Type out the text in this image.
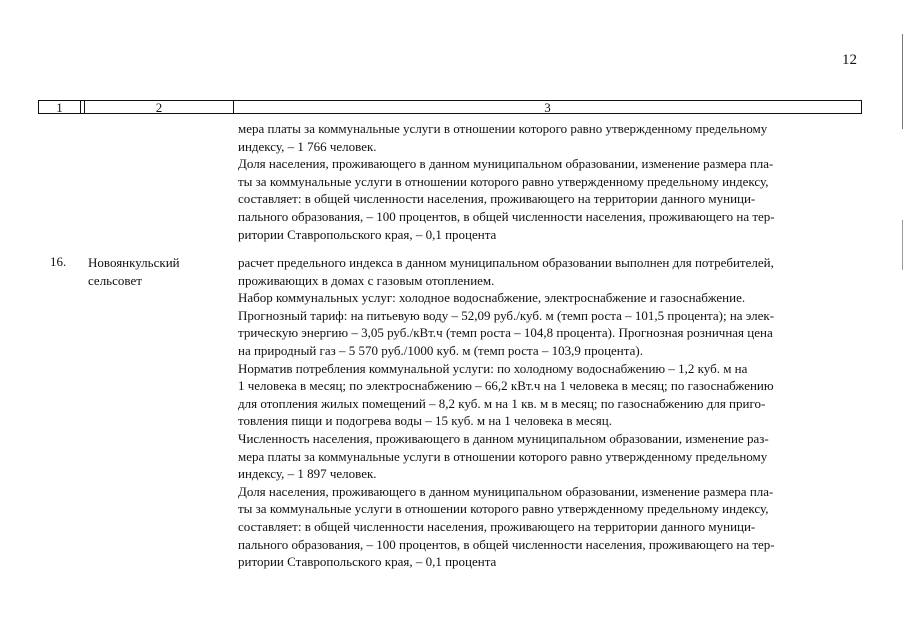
12
1	2	3
мера платы за коммунальные услуги в отношении которого равно утвержденному предельному
индексу, – 1 766 человек.
Доля населения, проживающего в данном муниципальном образовании, изменение размера пла-
ты за коммунальные услуги в отношении которого равно утвержденному предельному индексу,
составляет: в общей численности населения, проживающего на территории данного муници-
пального образования, – 100 процентов, в общей численности населения, проживающего на тер-
ритории Ставропольского края, – 0,1 процента
16. Новоянкульский
сельсовет
расчет предельного индекса в данном муниципальном образовании выполнен для потребителей,
проживающих в домах с газовым отоплением.
Набор коммунальных услуг: холодное водоснабжение, электроснабжение и газоснабжение.
Прогнозный тариф: на питьевую воду – 52,09 руб./куб. м (темп роста – 101,5 процента); на элек-
трическую энергию – 3,05 руб./кВт.ч (темп роста – 104,8 процента). Прогнозная розничная цена
на природный газ – 5 570 руб./1000 куб. м (темп роста – 103,9 процента).
Норматив потребления коммунальной услуги: по холодному водоснабжению – 1,2 куб. м на
1 человека в месяц; по электроснабжению – 66,2 кВт.ч на 1 человека в месяц; по газоснабжению
для отопления жилых помещений – 8,2 куб. м на 1 кв. м в месяц; по газоснабжению для приго-
товления пищи и подогрева воды – 15 куб. м на 1 человека в месяц.
Численность населения, проживающего в данном муниципальном образовании, изменение раз-
мера платы за коммунальные услуги в отношении которого равно утвержденному предельному
индексу, – 1 897 человек.
Доля населения, проживающего в данном муниципальном образовании, изменение размера пла-
ты за коммунальные услуги в отношении которого равно утвержденному предельному индексу,
составляет: в общей численности населения, проживающего на территории данного муници-
пального образования, – 100 процентов, в общей численности населения, проживающего на тер-
ритории Ставропольского края, – 0,1 процента
